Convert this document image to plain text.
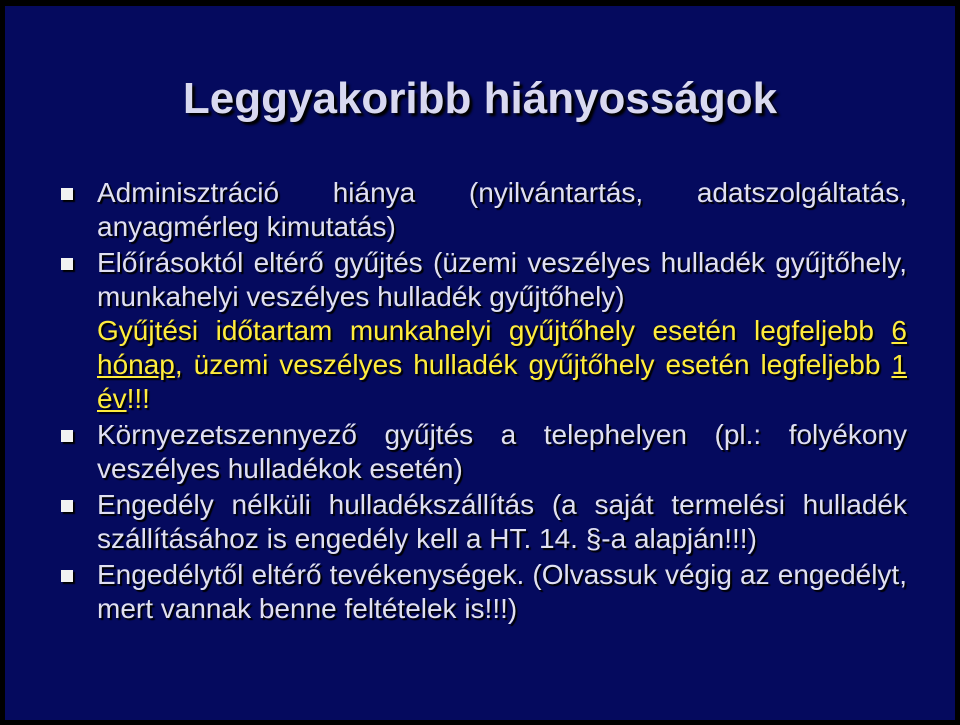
Leggyakoribb hiányosságok
Adminisztráció hiánya (nyilvántartás, adatszolgáltatás, anyagmérleg kimutatás)
Előírásoktól eltérő gyűjtés (üzemi veszélyes hulladék gyűjtőhely, munkahelyi veszélyes hulladék gyűjtőhely)
Gyűjtési időtartam munkahelyi gyűjtőhely esetén legfeljebb 6 hónap, üzemi veszélyes hulladék gyűjtőhely esetén legfeljebb 1 év!!!
Környezetszennyező gyűjtés a telephelyen (pl.: folyékony veszélyes hulladékok esetén)
Engedély nélküli hulladékszállítás (a saját termelési hulladék szállításához is engedély kell a HT. 14. §-a alapján!!!)
Engedélytől eltérő tevékenységek. (Olvassuk végig az engedélyt, mert vannak benne feltételek is!!!)
